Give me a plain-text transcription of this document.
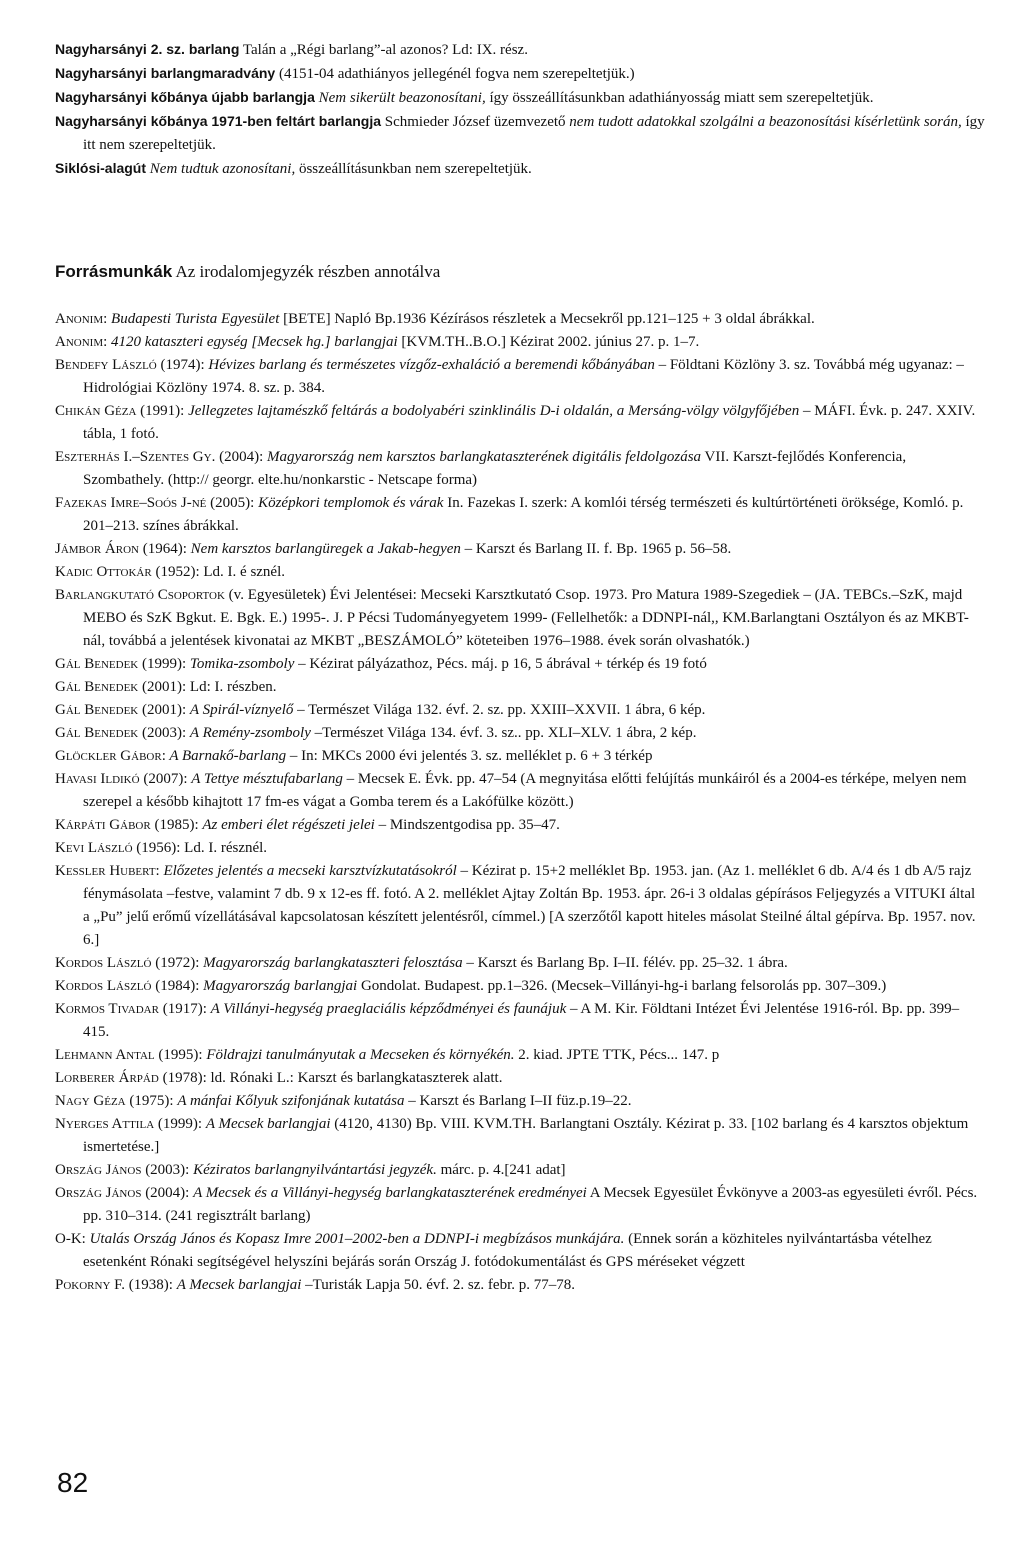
Nagyharsányi 2. sz. barlang Talán a „Régi barlang”-al azonos? Ld: IX. rész.

Nagyharsányi barlangmaradvány (4151-04 adathiányos jellegénél fogva nem szerepeltetjük.)

Nagyharsányi kőbánya újabb barlangja Nem sikerült beazonosítani, így összeállításunkban adathiányosság miatt sem szerepeltetjük.

Nagyharsányi kőbánya 1971-ben feltárt barlangja Schmieder József üzemvezető nem tudott adatokkal szolgálni a beazonosítási kísérletünk során, így itt nem szerepeltetjük.

Siklósi-alagút Nem tudtuk azonosítani, összeállításunkban nem szerepeltetjük.

Forrásmunkák Az irodalomjegyzék részben annotálva

Anonim: Budapesti Turista Egyesület [BETE] Napló Bp.1936 Kézírásos részletek a Mecsekről pp.121–125 + 3 oldal ábrákkal.

Anonim: 4120 kataszteri egység [Mecsek hg.] barlangjai [KVM.TH..B.O.] Kézirat 2002. június 27. p. 1–7.

Bendefy László (1974): Hévizes barlang és természetes vízgőz-exhaláció a beremendi kőbányában – Földtani Közlöny 3. sz. Továbbá még ugyanaz: – Hidrológiai Közlöny 1974. 8. sz. p. 384.

Chikán Géza (1991): Jellegzetes lajtamészkő feltárás a bodolyabéri szinklinális D-i oldalán, a Mersáng-völgy völgyfőjében – MÁFI. Évk. p. 247. XXIV. tábla, 1 fotó.

Eszterhás I.–Szentes Gy. (2004): Magyarország nem karsztos barlangkataszterének digitális feldolgozása VII. Karszt-fejlődés Konferencia, Szombathely. (http:// georgr. elte.hu/nonkarstic - Netscape forma)

Fazekas Imre–Soós J-né (2005): Középkori templomok és várak In. Fazekas I. szerk: A komlói térség természeti és kultúrtörténeti öröksége, Komló. p. 201–213. színes ábrákkal.

Jámbor Áron (1964): Nem karsztos barlangüregek a Jakab-hegyen – Karszt és Barlang II. f. Bp. 1965 p. 56–58.

Kadic Ottokár (1952): Ld. I. é sznél.

Barlangkutató Csoportok (v. Egyesületek) Évi Jelentései: Mecseki Karsztkutató Csop. 1973. Pro Matura 1989-Szegediek – (JA. TEBCs.–SzK, majd MEBO és SzK Bgkut. E. Bgk. E.) 1995-. J. P Pécsi Tudományegyetem 1999- (Fellelhetők: a DDNPI-nál,, KM.Barlangtani Osztályon és az MKBT-nál, továbbá a jelentések kivonatai az MKBT „BESZÁMOLÓ” köteteiben 1976–1988. évek során olvashatók.)

Gál Benedek (1999): Tomika-zsomboly – Kézirat pályázathoz, Pécs. máj. p 16, 5 ábrával + térkép és 19 fotó

Gál Benedek (2001): Ld: I. részben.

Gál Benedek (2001): A Spirál-víznyelő – Természet Világa 132. évf. 2. sz. pp. XXIII–XXVII. 1 ábra, 6 kép.

Gál Benedek (2003): A Remény-zsomboly –Természet Világa 134. évf. 3. sz.. pp. XLI–XLV. 1 ábra, 2 kép.

Glöckler Gábor: A Barnakő-barlang – In: MKCs 2000 évi jelentés 3. sz. melléklet p. 6 + 3 térkép

Havasi Ildikó (2007): A Tettye mésztufabarlang – Mecsek E. Évk. pp. 47–54 (A megnyitása előtti felújítás munkáiról és a 2004-es térképe, melyen nem szerepel a később kihajtott 17 fm-es vágat a Gomba terem és a Lakófülke között.)

Kárpáti Gábor (1985): Az emberi élet régészeti jelei – Mindszentgodisa pp. 35–47.

Kevi László (1956): Ld. I. résznél.

Kessler Hubert: Előzetes jelentés a mecseki karsztvízkutatásokról – Kézirat p. 15+2 melléklet Bp. 1953. jan. (Az 1. melléklet 6 db. A/4 és 1 db A/5 rajz fénymásolata –festve, valamint 7 db. 9 x 12-es ff. fotó. A 2. melléklet Ajtay Zoltán Bp. 1953. ápr. 26-i 3 oldalas gépírásos Feljegyzés a VITUKI által a „Pu” jelű erőmű vízellátásával kapcsolatosan készített jelentésről, címmel.) [A szerzőtől kapott hiteles másolat Steilné által gépírva. Bp. 1957. nov. 6.]

Kordos László (1972): Magyarország barlangkataszteri felosztása – Karszt és Barlang Bp. I–II. félév. pp. 25–32. 1 ábra.

Kordos László (1984): Magyarország barlangjai Gondolat. Budapest. pp.1–326. (Mecsek–Villányi-hg-i barlang felsorolás pp. 307–309.)

Kormos Tivadar (1917): A Villányi-hegység praeglaciális képződményei és faunájuk – A M. Kir. Földtani Intézet Évi Jelentése 1916-ról. Bp. pp. 399–415.

Lehmann Antal (1995): Földrajzi tanulmányutak a Mecseken és környékén. 2. kiad. JPTE TTK, Pécs... 147. p

Lorberer Árpád (1978): ld. Rónaki L.: Karszt és barlangkataszterek alatt.

Nagy Géza (1975): A mánfai Kőlyuk szifonjának kutatása – Karszt és Barlang I–II füz.p.19–22.

Nyerges Attila (1999): A Mecsek barlangjai (4120, 4130) Bp. VIII. KVM.TH. Barlangtani Osztály. Kézirat p. 33. [102 barlang és 4 karsztos objektum ismertetése.]

Ország János (2003): Kéziratos barlangnyilvántartási jegyzék. márc. p. 4.[241 adat]

Ország János (2004): A Mecsek és a Villányi-hegység barlangkataszterének eredményei A Mecsek Egyesület Évkönyve a 2003-as egyesületi évről. Pécs. pp. 310–314. (241 regisztrált barlang)

O-K: Utalás Ország János és Kopasz Imre 2001–2002-ben a DDNPI-i megbízásos munkájára. (Ennek során a közhiteles nyilvántartásba vételhez esetenként Rónaki segítségével helyszíni bejárás során Ország J. fotódokumentálást és GPS méréseket végzett

Pokorny F. (1938): A Mecsek barlangjai –Turisták Lapja 50. évf. 2. sz. febr. p. 77–78.

82
